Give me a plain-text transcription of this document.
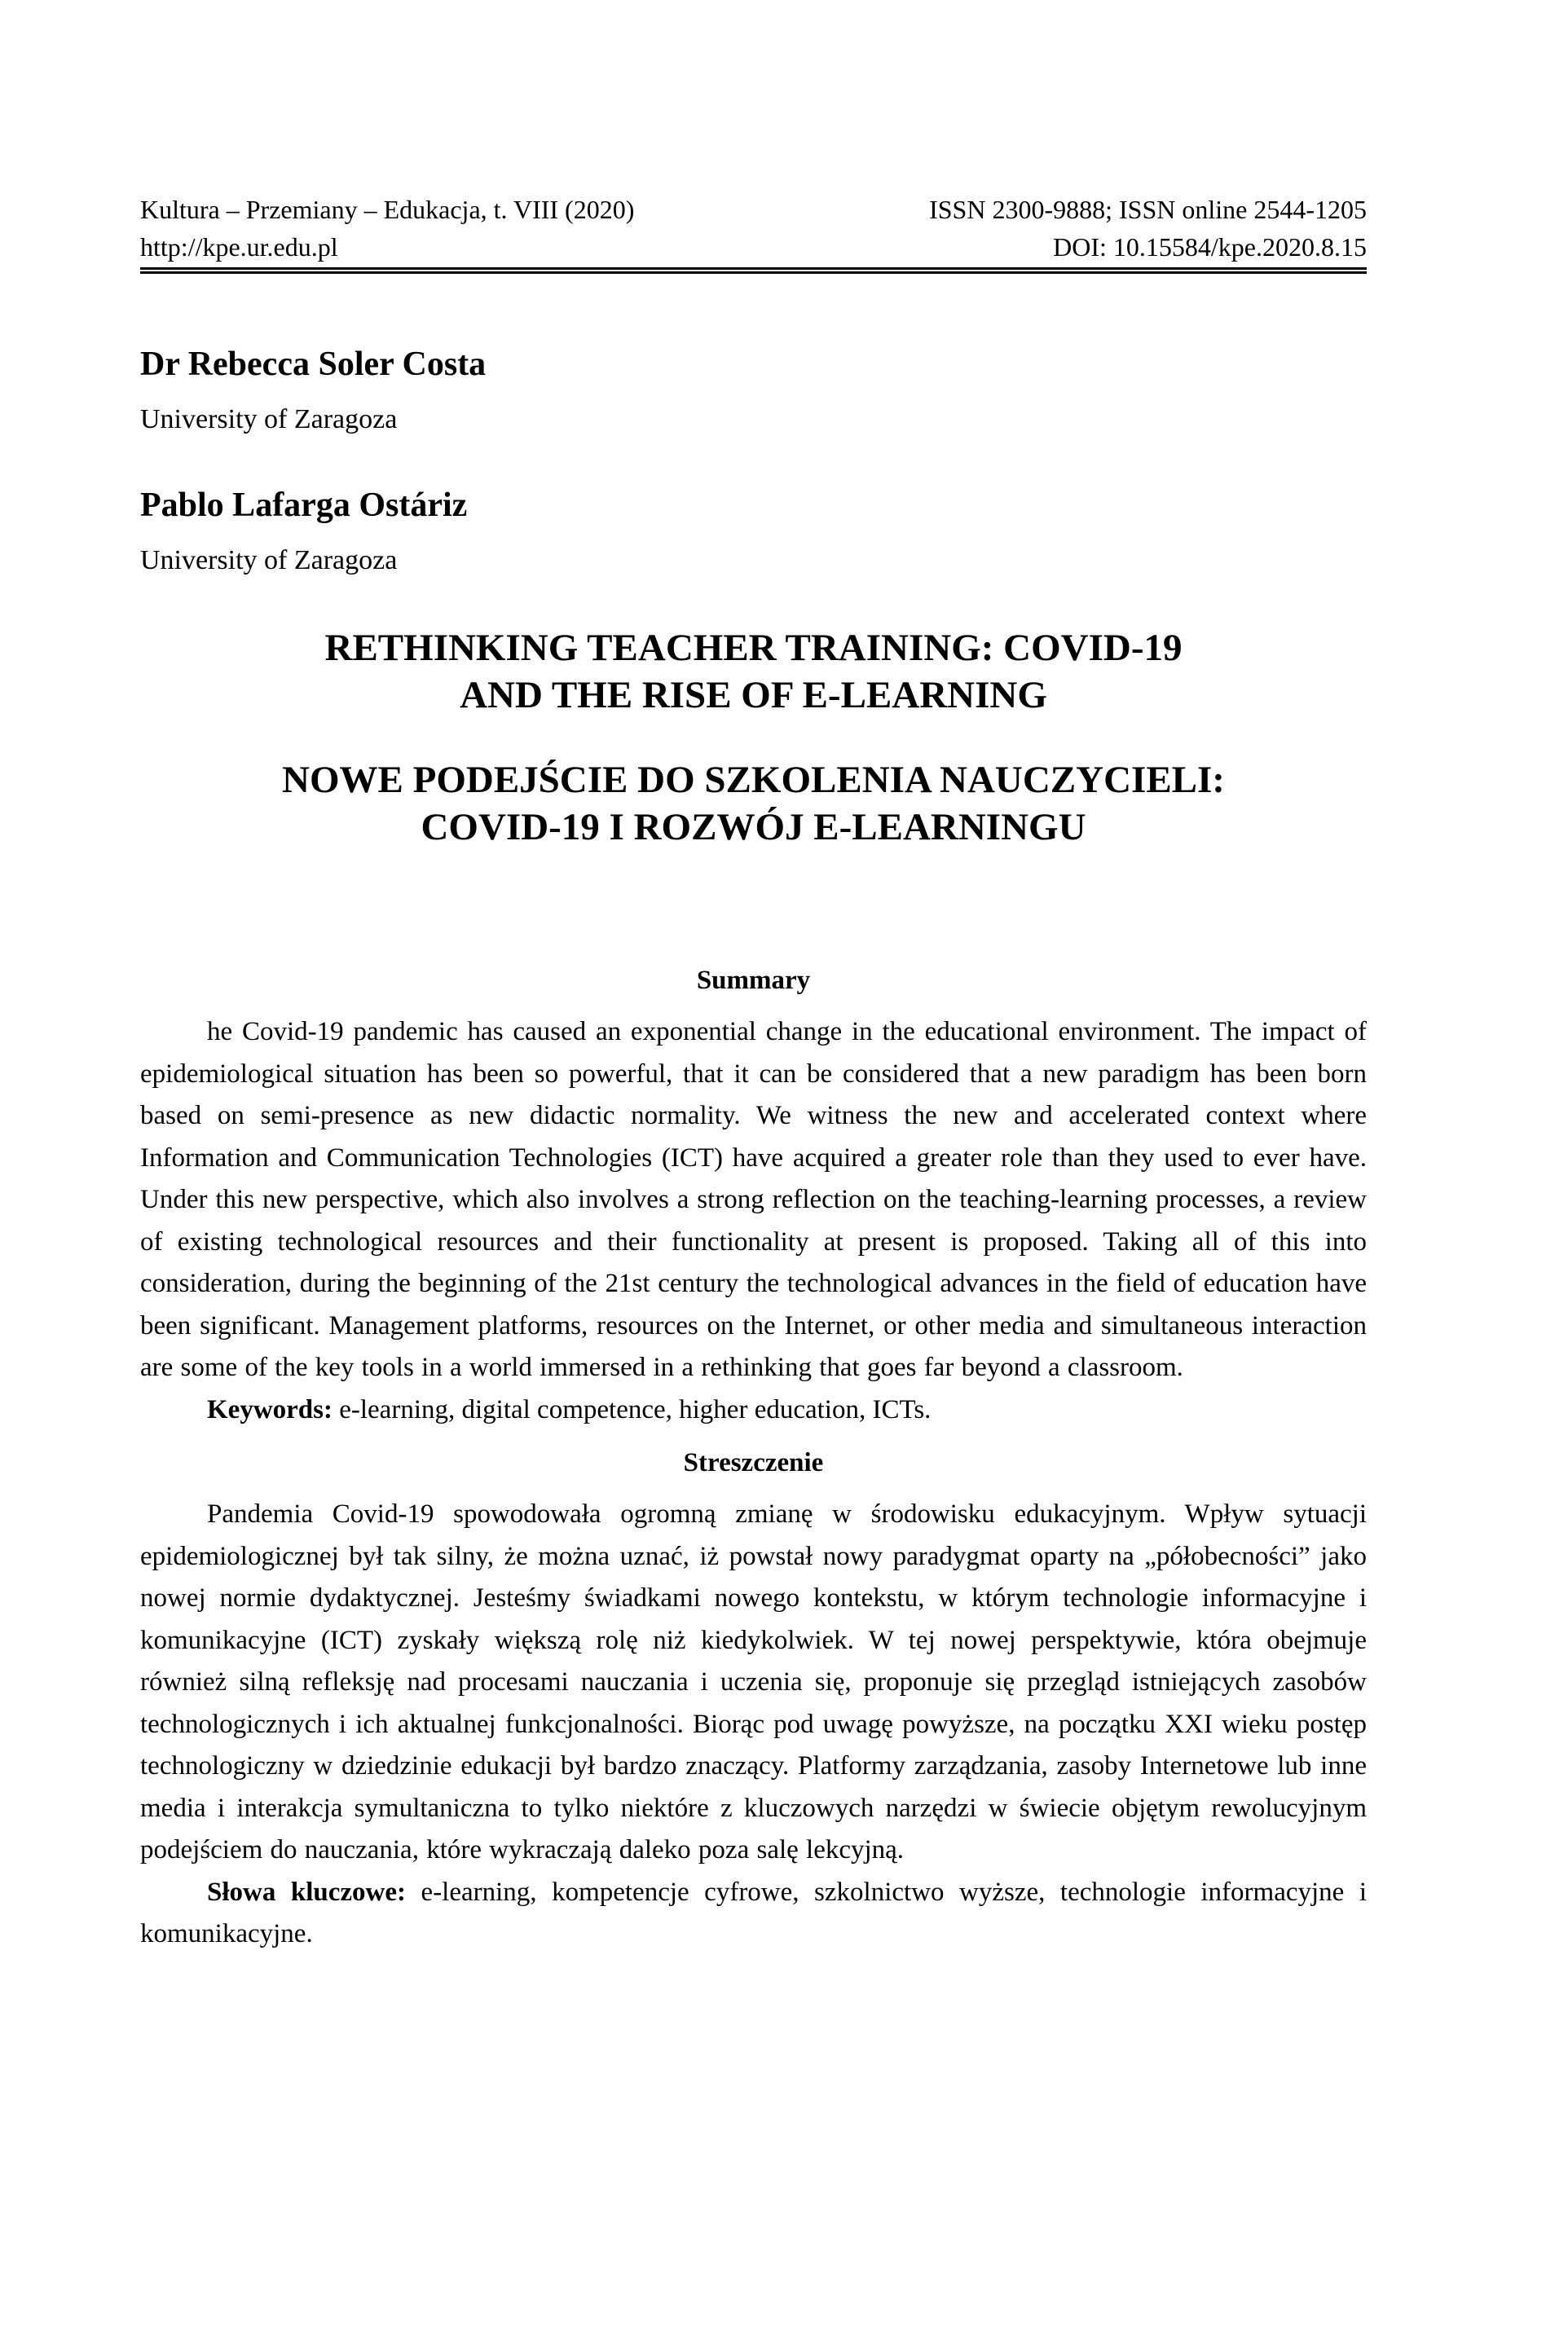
Kultura – Przemiany – Edukacja, t. VIII (2020)
http://kpe.ur.edu.pl
ISSN 2300-9888; ISSN online 2544-1205
DOI: 10.15584/kpe.2020.8.15
Dr Rebecca Soler Costa
University of Zaragoza
Pablo Lafarga Ostáriz
University of Zaragoza
RETHINKING TEACHER TRAINING: COVID-19
AND THE RISE OF E-LEARNING
NOWE PODEJŚCIE DO SZKOLENIA NAUCZYCIELI:
COVID-19 I ROZWÓJ E-LEARNINGU
Summary

he Covid-19 pandemic has caused an exponential change in the educational environment. The impact of epidemiological situation has been so powerful, that it can be considered that a new paradigm has been born based on semi-presence as new didactic normality. We witness the new and accelerated context where Information and Communication Technologies (ICT) have acquired a greater role than they used to ever have. Under this new perspective, which also involves a strong reflection on the teaching-learning processes, a review of existing technological resources and their functionality at present is proposed. Taking all of this into consideration, during the beginning of the 21st century the technological advances in the field of education have been significant. Management platforms, resources on the Internet, or other media and simultaneous interaction are some of the key tools in a world immersed in a rethinking that goes far beyond a classroom.

Keywords: e-learning, digital competence, higher education, ICTs.

Streszczenie

Pandemia Covid-19 spowodowała ogromną zmianę w środowisku edukacyjnym. Wpływ sytuacji epidemiologicznej był tak silny, że można uznać, iż powstał nowy paradygmat oparty na „półobecności” jako nowej normie dydaktycznej. Jesteśmy świadkami nowego kontekstu, w którym technologie informacyjne i komunikacyjne (ICT) zyskały większą rolę niż kiedykolwiek. W tej nowej perspektywie, która obejmuje również silną refleksję nad procesami nauczania i uczenia się, proponuje się przegląd istniejących zasobów technologicznych i ich aktualnej funkcjonalności. Biorąc pod uwagę powyższe, na początku XXI wieku postęp technologiczny w dziedzinie edukacji był bardzo znaczący. Platformy zarządzania, zasoby Internetowe lub inne media i interakcja symultaniczna to tylko niektóre z kluczowych narzędzi w świecie objętym rewolucyjnym podejściem do nauczania, które wykraczają daleko poza salę lekcyjną.

Słowa kluczowe: e-learning, kompetencje cyfrowe, szkolnictwo wyższe, technologie informacyjne i komunikacyjne.
